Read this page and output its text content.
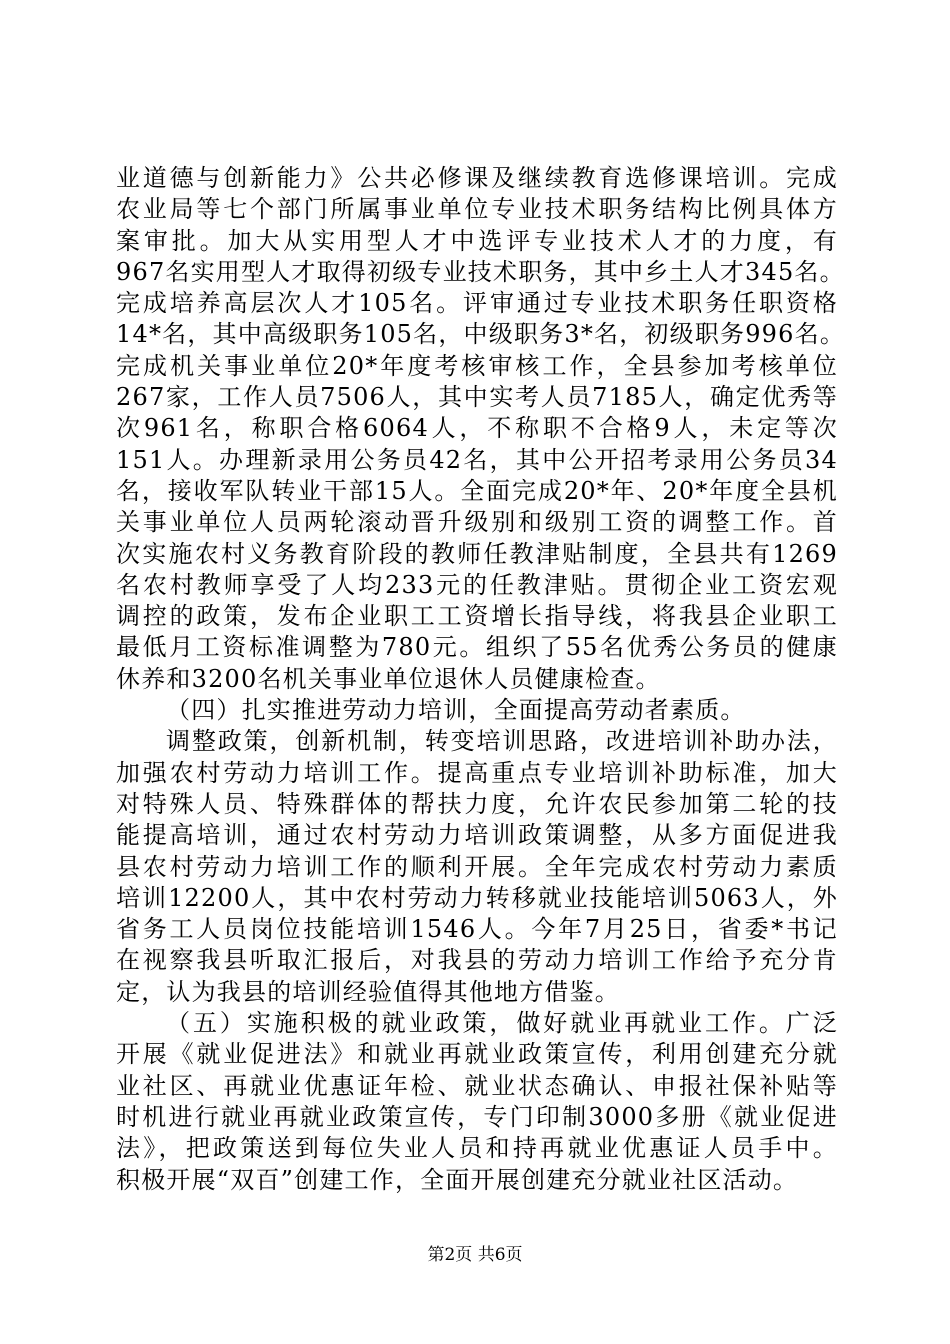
业道德与创新能力》公共必修课及继续教育选修课培训。完成
农业局等七个部门所属事业单位专业技术职务结构比例具体方
案审批。加大从实用型人才中选评专业技术人才的力度，有
967名实用型人才取得初级专业技术职务，其中乡土人才345名。
完成培养高层次人才105名。评审通过专业技术职务任职资格
14*名，其中高级职务105名，中级职务3*名，初级职务996名。
完成机关事业单位20*年度考核审核工作，全县参加考核单位
267家，工作人员7506人，其中实考人员7185人，确定优秀等
次961名，称职合格6064人，不称职不合格9人，未定等次
151人。办理新录用公务员42名，其中公开招考录用公务员34
名，接收军队转业干部15人。全面完成20*年、20*年度全县机
关事业单位人员两轮滚动晋升级别和级别工资的调整工作。首
次实施农村义务教育阶段的教师任教津贴制度，全县共有1269
名农村教师享受了人均233元的任教津贴。贯彻企业工资宏观
调控的政策，发布企业职工工资增长指导线，将我县企业职工
最低月工资标准调整为780元。组织了55名优秀公务员的健康
休养和3200名机关事业单位退休人员健康检查。
（四）扎实推进劳动力培训，全面提高劳动者素质。
调整政策，创新机制，转变培训思路，改进培训补助办法，
加强农村劳动力培训工作。提高重点专业培训补助标准，加大
对特殊人员、特殊群体的帮扶力度，允许农民参加第二轮的技
能提高培训，通过农村劳动力培训政策调整，从多方面促进我
县农村劳动力培训工作的顺利开展。全年完成农村劳动力素质
培训12200人，其中农村劳动力转移就业技能培训5063人，外
省务工人员岗位技能培训1546人。今年7月25日，省委*书记
在视察我县听取汇报后，对我县的劳动力培训工作给予充分肯
定，认为我县的培训经验值得其他地方借鉴。
（五）实施积极的就业政策，做好就业再就业工作。广泛
开展《就业促进法》和就业再就业政策宣传，利用创建充分就
业社区、再就业优惠证年检、就业状态确认、申报社保补贴等
时机进行就业再就业政策宣传，专门印制3000多册《就业促进
法》，把政策送到每位失业人员和持再就业优惠证人员手中。
积极开展“双百”创建工作，全面开展创建充分就业社区活动。
第2页 共6页
